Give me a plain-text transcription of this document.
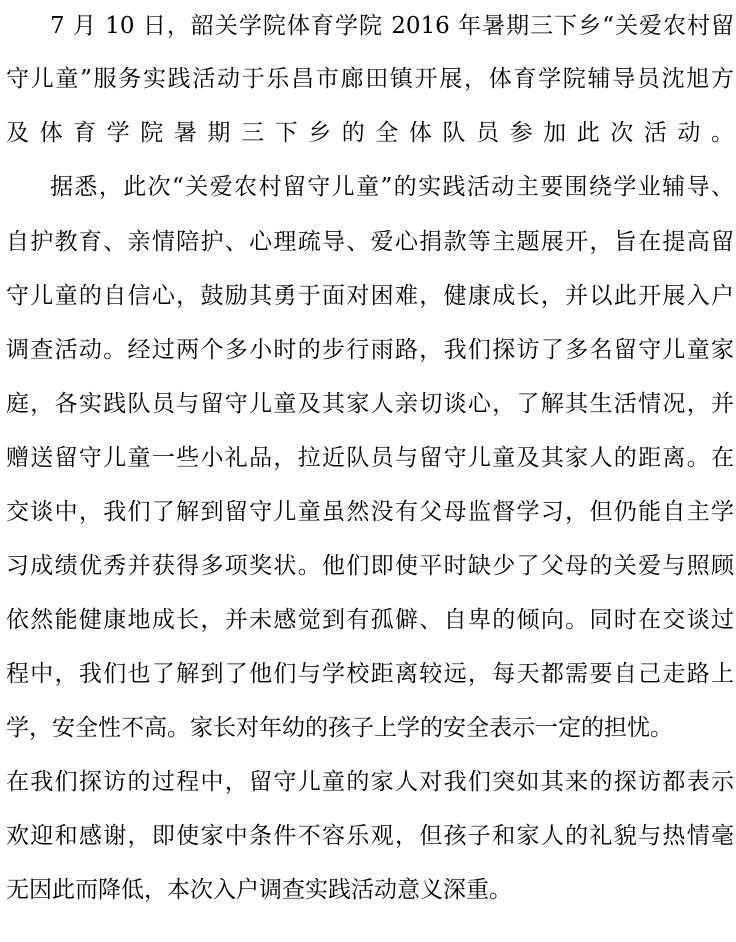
7 月 10 日，韶关学院体育学院 2016 年暑期三下乡“关爱农村留
守儿童”服务实践活动于乐昌市廊田镇开展，体育学院辅导员沈旭方
及体育学院暑期三下乡的全体队员参加此次活动。
据悉，此次“关爱农村留守儿童”的实践活动主要围绕学业辅导、
自护教育、亲情陪护、心理疏导、爱心捐款等主题展开，旨在提高留
守儿童的自信心，鼓励其勇于面对困难，健康成长，并以此开展入户
调查活动。经过两个多小时的步行雨路，我们探访了多名留守儿童家
庭，各实践队员与留守儿童及其家人亲切谈心，了解其生活情况，并
赠送留守儿童一些小礼品，拉近队员与留守儿童及其家人的距离。在
交谈中，我们了解到留守儿童虽然没有父母监督学习，但仍能自主学
习成绩优秀并获得多项奖状。他们即使平时缺少了父母的关爱与照顾
依然能健康地成长，并未感觉到有孤僻、自卑的倾向。同时在交谈过
程中，我们也了解到了他们与学校距离较远，每天都需要自己走路上
学，安全性不高。家长对年幼的孩子上学的安全表示一定的担忧。
在我们探访的过程中，留守儿童的家人对我们突如其来的探访都表示
欢迎和感谢，即使家中条件不容乐观，但孩子和家人的礼貌与热情毫
无因此而降低，本次入户调查实践活动意义深重。
